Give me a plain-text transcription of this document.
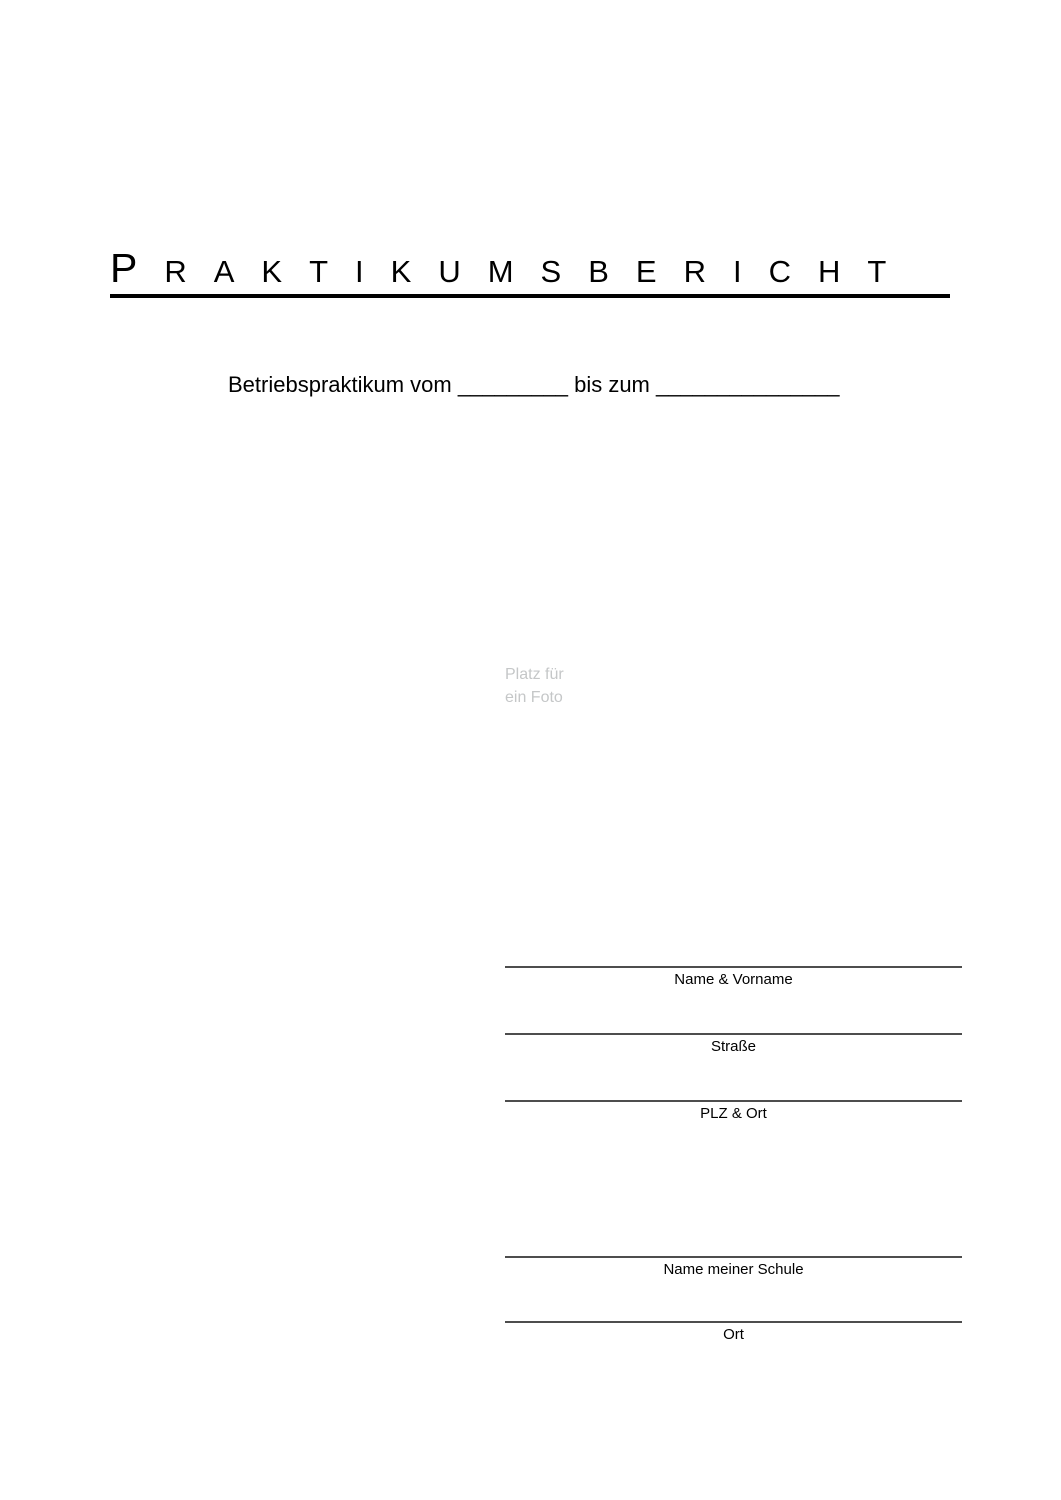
PRAKTIKUMSBERICHT
Betriebspraktikum vom _________ bis zum _______________
Platz für
ein Foto
Name & Vorname
Straße
PLZ & Ort
Name meiner Schule
Ort
